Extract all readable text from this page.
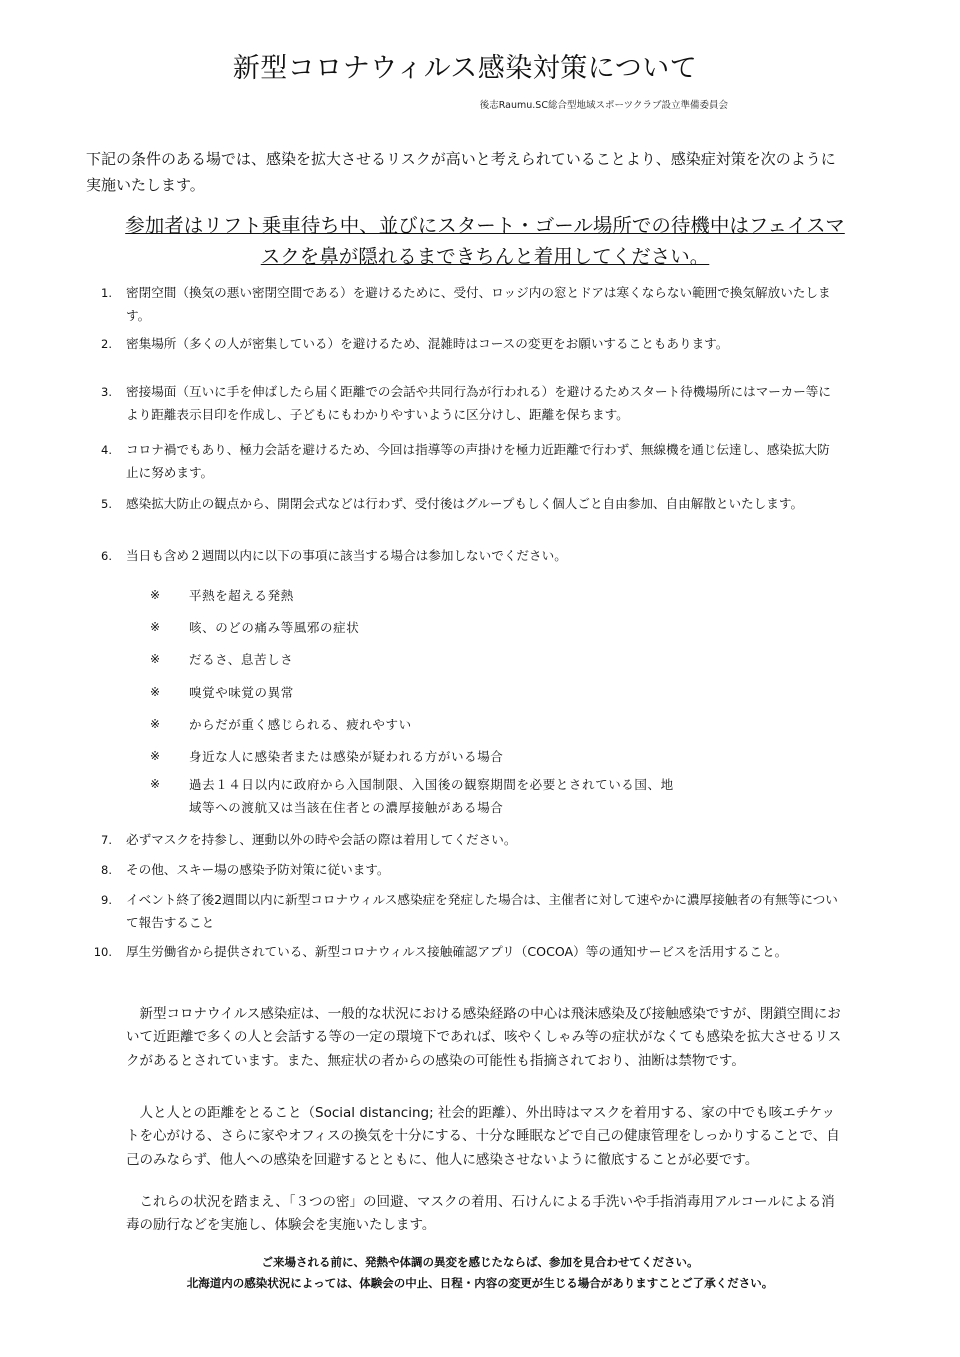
新型コロナウィルス感染対策について
後志Raumu.SC総合型地域スポーツクラブ設立準備委員会

下記の条件のある場では、感染を拡大させるリスクが高いと考えられていることより、感染症対策を次のように実施いたします。

参加者はリフト乗車待ち中、並びにスタート・ゴール場所での待機中はフェイスマスクを鼻が隠れるまできちんと着用してください。

1. 密閉空間（換気の悪い密閉空間である）を避けるために、受付、ロッジ内の窓とドアは寒くならない範囲で換気解放いたします。
2. 密集場所（多くの人が密集している）を避けるため、混雑時はコースの変更をお願いすることもあります。
3. 密接場面（互いに手を伸ばしたら届く距離での会話や共同行為が行われる）を避けるためスタート待機場所にはマーカー等により距離表示目印を作成し、子どもにもわかりやすいように区分けし、距離を保ちます。
4. コロナ禍でもあり、極力会話を避けるため、今回は指導等の声掛けを極力近距離で行わず、無線機を通じ伝達し、感染拡大防止に努めます。
5. 感染拡大防止の観点から、開閉会式などは行わず、受付後はグループもしく個人ごと自由参加、自由解散といたします。
6. 当日も含め２週間以内に以下の事項に該当する場合は参加しないでください。
※ 平熱を超える発熱
※ 咳、のどの痛み等風邪の症状
※ だるさ、息苦しさ
※ 嗅覚や味覚の異常
※ からだが重く感じられる、疲れやすい
※ 身近な人に感染者または感染が疑われる方がいる場合
※ 過去１４日以内に政府から入国制限、入国後の観察期間を必要とされている国、地域等への渡航又は当該在住者との濃厚接触がある場合
7. 必ずマスクを持参し、運動以外の時や会話の際は着用してください。
8. その他、スキー場の感染予防対策に従います。
9. イベント終了後2週間以内に新型コロナウィルス感染症を発症した場合は、主催者に対して速やかに濃厚接触者の有無等について報告すること
10. 厚生労働省から提供されている、新型コロナウィルス接触確認アプリ（COCOA）等の通知サービスを活用すること。

新型コロナウイルス感染症は、一般的な状況における感染経路の中心は飛沫感染及び接触感染ですが、閉鎖空間において近距離で多くの人と会話する等の一定の環境下であれば、咳やくしゃみ等の症状がなくても感染を拡大させるリスクがあるとされています。また、無症状の者からの感染の可能性も指摘されており、油断は禁物です。

人と人との距離をとること（Social distancing; 社会的距離）、外出時はマスクを着用する、家の中でも咳エチケットを心がける、さらに家やオフィスの換気を十分にする、十分な睡眠などで自己の健康管理をしっかりすることで、自己のみならず、他人への感染を回避するとともに、他人に感染させないように徹底することが必要です。

これらの状況を踏まえ、「３つの密」の回避、マスクの着用、石けんによる手洗いや手指消毒用アルコールによる消毒の励行などを実施し、体験会を実施いたします。

ご来場される前に、発熱や体調の異変を感じたならば、参加を見合わせてください。

北海道内の感染状況によっては、体験会の中止、日程・内容の変更が生じる場合がありますことご了承ください。
